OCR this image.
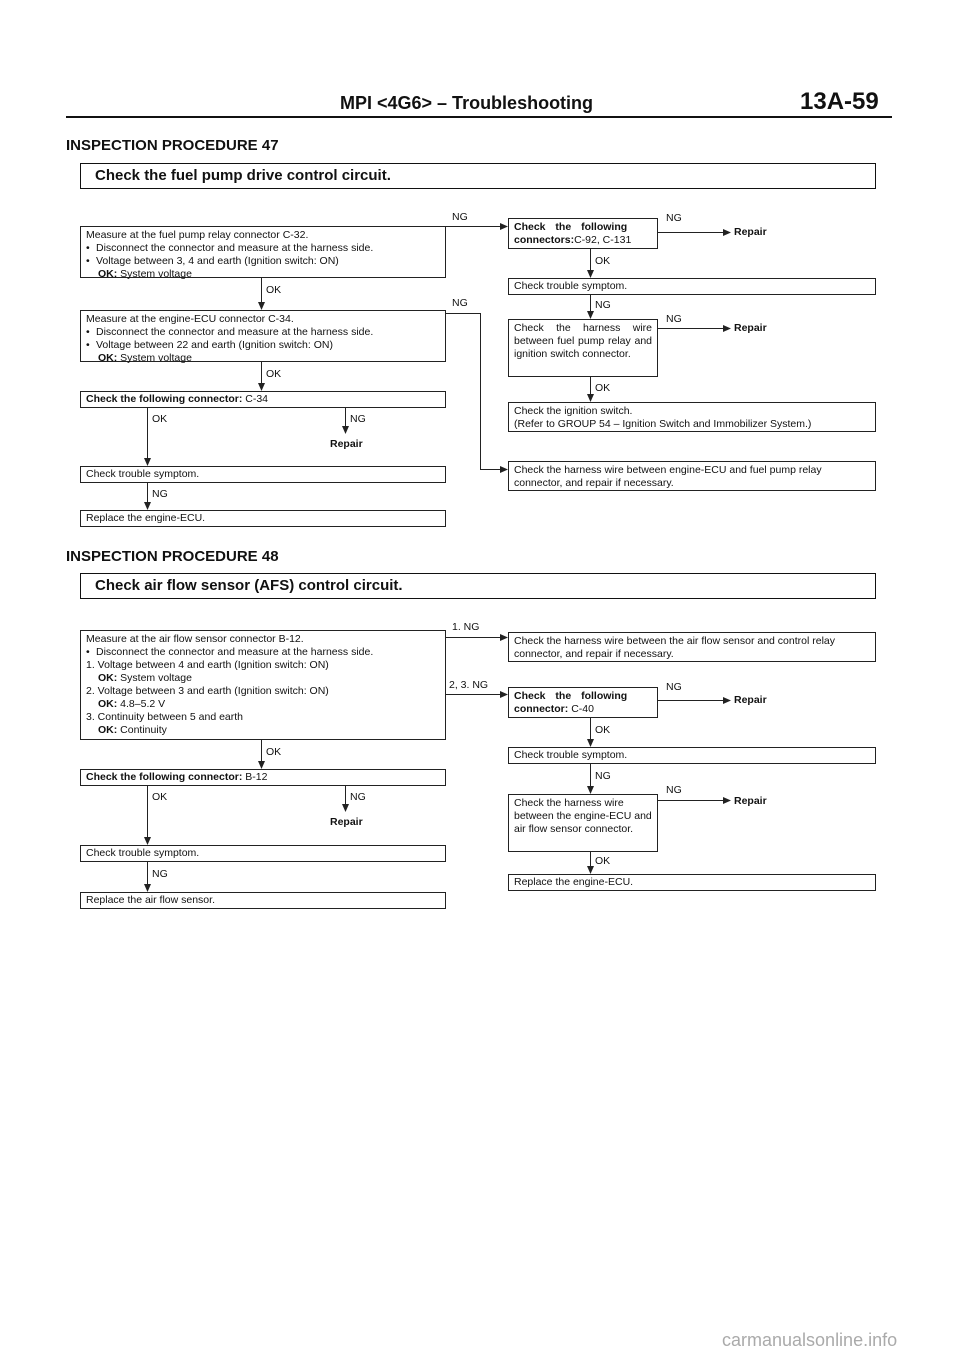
MPI <4G6> – Troubleshooting	13A-59
INSPECTION PROCEDURE 47
Check the fuel pump drive control circuit.
Measure at the fuel pump relay connector C-32.
• Disconnect the connector and measure at the harness side.
• Voltage between 3, 4 and earth (Ignition switch: ON)
OK: System voltage
Measure at the engine-ECU connector C-34.
• Disconnect the connector and measure at the harness side.
• Voltage between 22 and earth (Ignition switch: ON)
OK: System voltage
Check the following connector: C-34
Check trouble symptom.
Replace the engine-ECU.
Check the following
connectors:C-92, C-131
Check trouble symptom.
Check the harness wire between fuel pump relay and ignition switch connector.
Check the ignition switch.
(Refer to GROUP 54 – Ignition Switch and Immobilizer System.)
Check the harness wire between engine-ECU and fuel pump relay connector, and repair if necessary.
OK
OK
OK	NG
Repair
NG
NG
NG
NG
Repair
OK
NG
NG
Repair
OK
INSPECTION PROCEDURE 48
Check air flow sensor (AFS) control circuit.
Measure at the air flow sensor connector B-12.
• Disconnect the connector and measure at the harness side.
1. Voltage between 4 and earth (Ignition switch: ON)
OK: System voltage
2. Voltage between 3 and earth (Ignition switch: ON)
OK: 4.8–5.2 V
3. Continuity between 5 and earth
OK: Continuity
Check the following connector: B-12
Check trouble symptom.
Replace the air flow sensor.
Check the harness wire between the air flow sensor and control relay connector, and repair if necessary.
Check the following
connector: C-40
Check trouble symptom.
Check the harness wire between the engine-ECU and air flow sensor connector.
Replace the engine-ECU.
OK
OK	NG
Repair
NG
1. NG
2, 3. NG	NG
Repair
OK
NG
NG
Repair
OK
carmanualsonline.info
